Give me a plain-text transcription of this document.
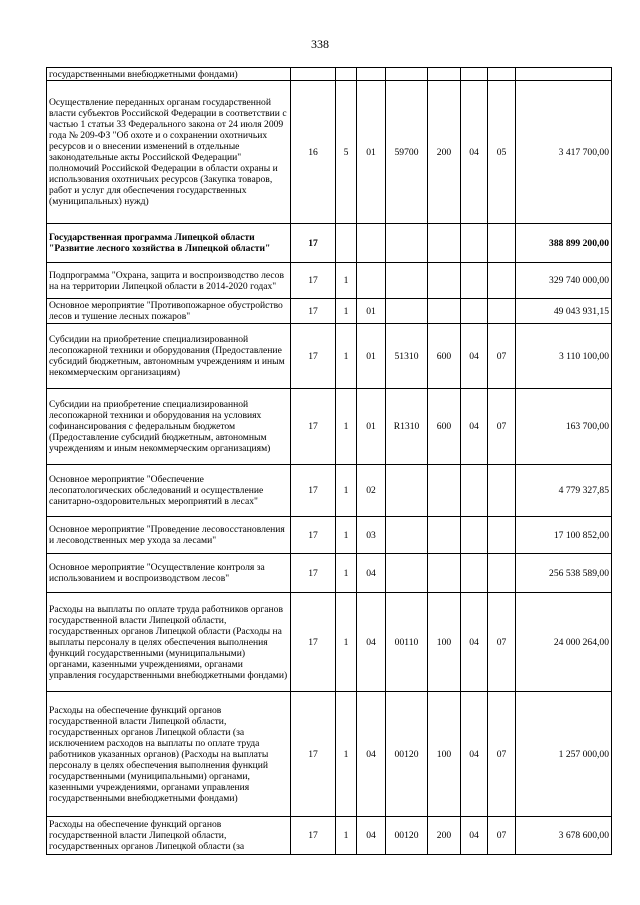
338
государственными внебюджетными фондами)								
Осуществление переданных органам государственной власти субъектов Российской Федерации в соответствии с частью 1 статьи 33 Федерального закона от 24 июля 2009 года № 209-ФЗ "Об охоте и о сохранении охотничьих ресурсов и о внесении изменений в отдельные законодательные акты Российской Федерации" полномочий Российской Федерации в области охраны и использования охотничьих ресурсов (Закупка товаров, работ и услуг для обеспечения государственных (муниципальных) нужд)	16	5	01	59700	200	04	05	3 417 700,00
Государственная программа Липецкой области "Развитие лесного хозяйства в Липецкой области"	17							388 899 200,00
Подпрограмма "Охрана, защита и воспроизводство лесов на на территории Липецкой области в 2014-2020 годах"	17	1						329 740 000,00
Основное мероприятие "Противопожарное обустройство лесов и тушение лесных пожаров"	17	1	01					49 043 931,15
Субсидии на приобретение специализированной лесопожарной техники и оборудования (Предоставление субсидий бюджетным, автономным учреждениям и иным некоммерческим организациям)	17	1	01	51310	600	04	07	3 110 100,00
Субсидии на приобретение специализированной лесопожарной техники и оборудования на условиях софинансирования с федеральным бюджетом (Предоставление субсидий бюджетным, автономным учреждениям и иным некоммерческим организациям)	17	1	01	R1310	600	04	07	163 700,00
Основное мероприятие "Обеспечение лесопатологических обследований и осуществление санитарно-оздоровительных мероприятий в лесах"	17	1	02					4 779 327,85
Основное мероприятие "Проведение лесовосстановления и лесоводственных мер ухода за лесами"	17	1	03					17 100 852,00
Основное мероприятие "Осуществление контроля за использованием и воспроизводством лесов"	17	1	04					256 538 589,00
Расходы на выплаты по оплате труда работников органов государственной власти Липецкой области, государственных органов Липецкой области (Расходы на выплаты персоналу в целях обеспечения выполнения функций государственными (муниципальными) органами, казенными учреждениями, органами управления государственными внебюджетными фондами)	17	1	04	00110	100	04	07	24 000 264,00
Расходы на обеспечение функций органов государственной власти Липецкой области, государственных органов Липецкой области (за исключением расходов на выплаты по оплате труда работников указанных органов) (Расходы на выплаты персоналу в целях обеспечения выполнения функций государственными (муниципальными) органами, казенными учреждениями, органами управления государственными внебюджетными фондами)	17	1	04	00120	100	04	07	1 257 000,00
Расходы на обеспечение функций органов государственной власти Липецкой области, государственных органов Липецкой области (за	17	1	04	00120	200	04	07	3 678 600,00
